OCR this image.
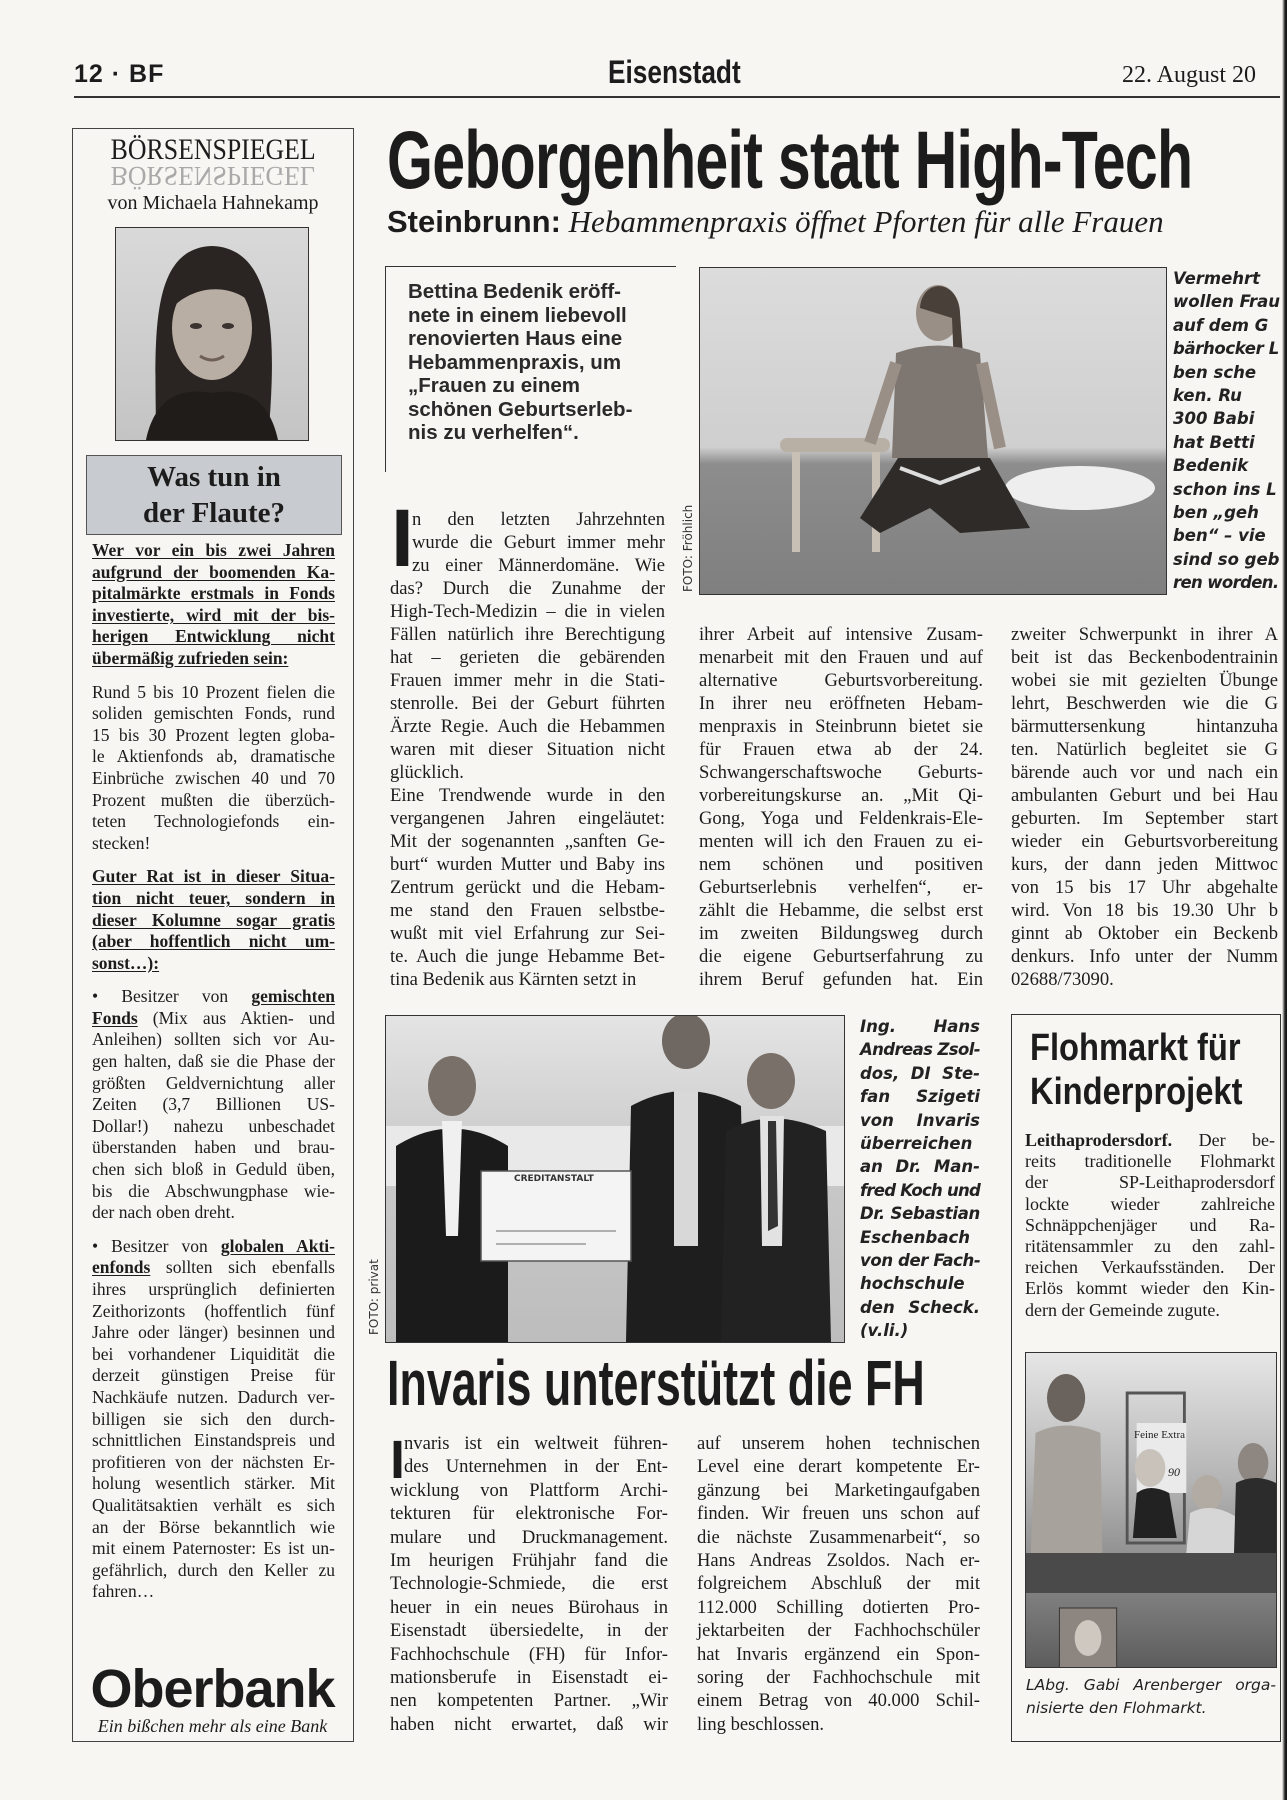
12 · BF	Eisenstadt	22. August 20
BÖRSENSPIEGEL
BÖRSENSPIEGEL
von Michaela Hahnekamp
Was tun in
der Flaute?
Wer vor ein bis zwei Jahren
aufgrund der boomenden Ka-
pitalmärkte erstmals in Fonds
investierte, wird mit der bis-
herigen Entwicklung nicht
übermäßig zufrieden sein:
Rund 5 bis 10 Prozent fielen die
soliden gemischten Fonds, rund
15 bis 30 Prozent legten globa-
le Aktienfonds ab, dramatische
Einbrüche zwischen 40 und 70
Prozent mußten die überzüch-
teten Technologiefonds ein-
stecken!
Guter Rat ist in dieser Situa-
tion nicht teuer, sondern in
dieser Kolumne sogar gratis
(aber hoffentlich nicht um-
sonst…):
• Besitzer von gemischten
Fonds (Mix aus Aktien- und
Anleihen) sollten sich vor Au-
gen halten, daß sie die Phase der
größten Geldvernichtung aller
Zeiten (3,7 Billionen US-
Dollar!) nahezu unbeschadet
überstanden haben und brau-
chen sich bloß in Geduld üben,
bis die Abschwungphase wie-
der nach oben dreht.
• Besitzer von globalen Akti-
enfonds sollten sich ebenfalls
ihres ursprünglich definierten
Zeithorizonts (hoffentlich fünf
Jahre oder länger) besinnen und
bei vorhandener Liquidität die
derzeit günstigen Preise für
Nachkäufe nutzen. Dadurch ver-
billigen sie sich den durch-
schnittlichen Einstandspreis und
profitieren von der nächsten Er-
holung wesentlich stärker. Mit
Qualitätsaktien verhält es sich
an der Börse bekanntlich wie
mit einem Paternoster: Es ist un-
gefährlich, durch den Keller zu
fahren…
Oberbank
Ein bißchen mehr als eine Bank
Geborgenheit statt High-Tech
Steinbrunn: Hebammenpraxis öffnet Pforten für alle Frauen
Bettina Bedenik eröff-
nete in einem liebevoll
renovierten Haus eine
Hebammenpraxis, um
„Frauen zu einem
schönen Geburtserleb-
nis zu verhelfen“.
FOTO: Fröhlich
Vermehrt
wollen Frau
auf dem G
bärhocker L
ben sche
ken. Ru
300 Babi
hat Betti
Bedenik
schon ins L
ben „geh
ben“ – vie
sind so geb
ren worden.
I
n den letzten Jahrzehnten
wurde die Geburt immer mehr
zu einer Männerdomäne. Wie
das? Durch die Zunahme der
High-Tech-Medizin – die in vielen
Fällen natürlich ihre Berechtigung
hat – gerieten die gebärenden
Frauen immer mehr in die Stati-
stenrolle. Bei der Geburt führten
Ärzte Regie. Auch die Hebammen
waren mit dieser Situation nicht
glücklich.
Eine Trendwende wurde in den
vergangenen Jahren eingeläutet:
Mit der sogenannten „sanften Ge-
burt“ wurden Mutter und Baby ins
Zentrum gerückt und die Hebam-
me stand den Frauen selbstbe-
wußt mit viel Erfahrung zur Sei-
te. Auch die junge Hebamme Bet-
tina Bedenik aus Kärnten setzt in
ihrer Arbeit auf intensive Zusam-
menarbeit mit den Frauen und auf
alternative Geburtsvorbereitung.
In ihrer neu eröffneten Hebam-
menpraxis in Steinbrunn bietet sie
für Frauen etwa ab der 24.
Schwangerschaftswoche Geburts-
vorbereitungskurse an. „Mit Qi-
Gong, Yoga und Feldenkrais-Ele-
menten will ich den Frauen zu ei-
nem schönen und positiven
Geburtserlebnis verhelfen“, er-
zählt die Hebamme, die selbst erst
im zweiten Bildungsweg durch
die eigene Geburtserfahrung zu
ihrem Beruf gefunden hat. Ein
zweiter Schwerpunkt in ihrer A
beit ist das Beckenbodentrainin
wobei sie mit gezielten Übunge
lehrt, Beschwerden wie die G
bärmuttersenkung hintanzuha
ten. Natürlich begleitet sie G
bärende auch vor und nach ein
ambulanten Geburt und bei Hau
geburten. Im September start
wieder ein Geburtsvorbereitung
kurs, der dann jeden Mittwoc
von 15 bis 17 Uhr abgehalte
wird. Von 18 bis 19.30 Uhr b
ginnt ab Oktober ein Beckenb
denkurs. Info unter der Numm
02688/73090.
CREDITANSTALT
FOTO: privat
Ing. Hans
Andreas Zsol-
dos, DI Ste-
fan Szigeti
von Invaris
überreichen
an Dr. Man-
fred Koch und
Dr. Sebastian
Eschenbach
von der Fach-
hochschule
den Scheck.
(v.li.)
Invaris unterstützt die FH
I
nvaris ist ein weltweit führen-
des Unternehmen in der Ent-
wicklung von Plattform Archi-
tekturen für elektronische For-
mulare und Druckmanagement.
Im heurigen Frühjahr fand die
Technologie-Schmiede, die erst
heuer in ein neues Bürohaus in
Eisenstadt übersiedelte, in der
Fachhochschule (FH) für Infor-
mationsberufe in Eisenstadt ei-
nen kompetenten Partner. „Wir
haben nicht erwartet, daß wir
auf unserem hohen technischen
Level eine derart kompetente Er-
gänzung bei Marketingaufgaben
finden. Wir freuen uns schon auf
die nächste Zusammenarbeit“, so
Hans Andreas Zsoldos. Nach er-
folgreichem Abschluß der mit
112.000 Schilling dotierten Pro-
jektarbeiten der Fachhochschüler
hat Invaris ergänzend ein Spon-
soring der Fachhochschule mit
einem Betrag von 40.000 Schil-
ling beschlossen.
Flohmarkt für
Kinderprojekt
Leithaprodersdorf. Der be-
reits traditionelle Flohmarkt
der SP-Leithaprodersdorf
lockte wieder zahlreiche
Schnäppchenjäger und Ra-
ritätensammler zu den zahl-
reichen Verkaufsständen. Der
Erlös kommt wieder den Kin-
dern der Gemeinde zugute.
Feine Extra
90
LAbg. Gabi Arenberger orga-
nisierte den Flohmarkt.
